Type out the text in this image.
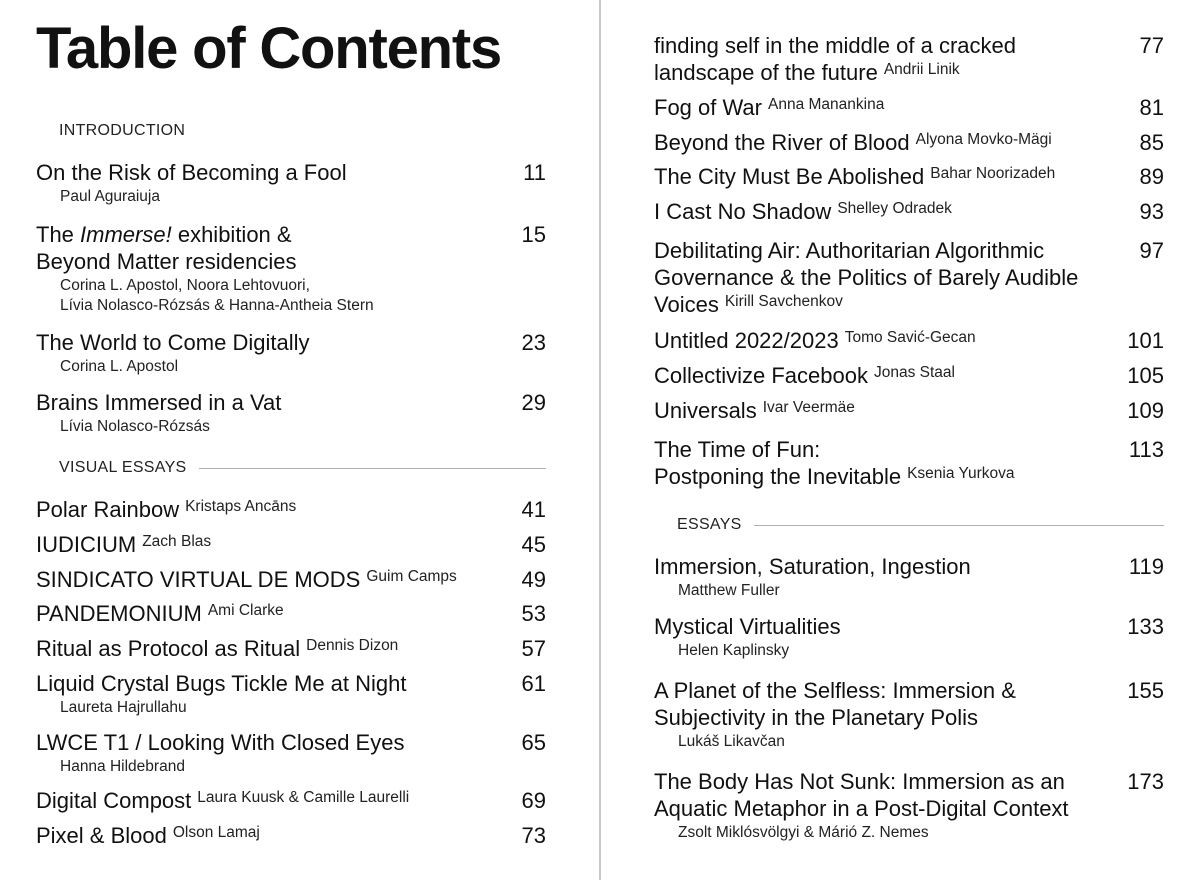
Table of Contents
INTRODUCTION
On the Risk of Becoming a Fool	11
Paul Aguraiuja
The Immerse! exhibition &	15
Beyond Matter residencies
Corina L. Apostol, Noora Lehtovuori,
Lívia Nolasco-Rózsás & Hanna-Antheia Stern
The World to Come Digitally	23
Corina L. Apostol
Brains Immersed in a Vat	29
Lívia Nolasco-Rózsás
VISUAL ESSAYS
Polar Rainbow Kristaps Ancāns	41
IUDICIUM Zach Blas	45
SINDICATO VIRTUAL DE MODS Guim Camps	49
PANDEMONIUM Ami Clarke	53
Ritual as Protocol as Ritual Dennis Dizon	57
Liquid Crystal Bugs Tickle Me at Night	61
Laureta Hajrullahu
LWCE T1 / Looking With Closed Eyes	65
Hanna Hildebrand
Digital Compost Laura Kuusk & Camille Laurelli	69
Pixel & Blood Olson Lamaj	73
finding self in the middle of a cracked	77
landscape of the future Andrii Linik
Fog of War Anna Manankina	81
Beyond the River of Blood Alyona Movko-Mägi	85
The City Must Be Abolished Bahar Noorizadeh	89
I Cast No Shadow Shelley Odradek	93
Debilitating Air: Authoritarian Algorithmic	97
Governance & the Politics of Barely Audible
Voices Kirill Savchenkov
Untitled 2022/2023 Tomo Savić-Gecan	101
Collectivize Facebook Jonas Staal	105
Universals Ivar Veermäe	109
The Time of Fun:	113
Postponing the Inevitable Ksenia Yurkova
ESSAYS
Immersion, Saturation, Ingestion	119
Matthew Fuller
Mystical Virtualities	133
Helen Kaplinsky
A Planet of the Selfless: Immersion &	155
Subjectivity in the Planetary Polis
Lukáš Likavčan
The Body Has Not Sunk: Immersion as an	173
Aquatic Metaphor in a Post-Digital Context
Zsolt Miklósvölgyi & Márió Z. Nemes
